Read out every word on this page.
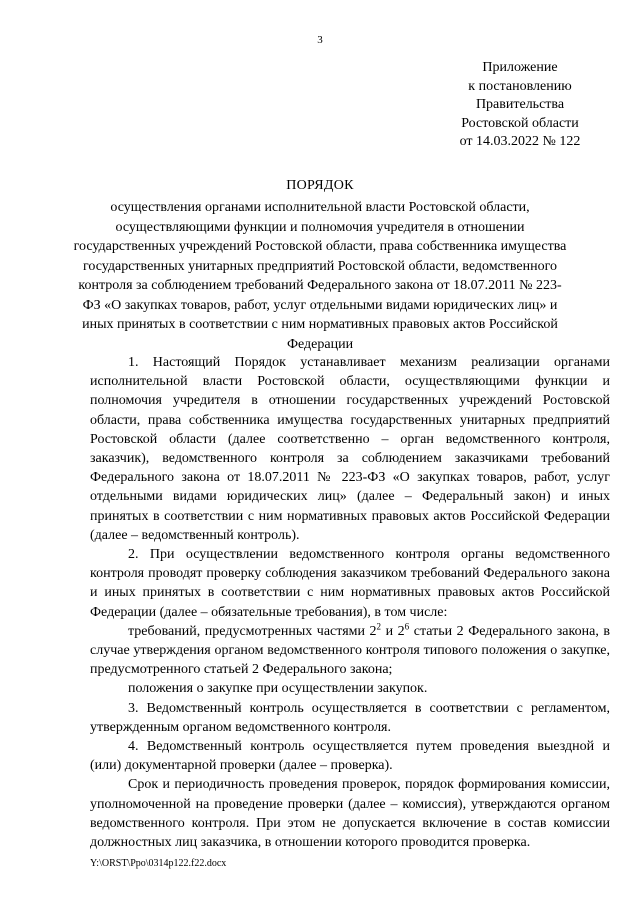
3
Приложение
к постановлению
Правительства
Ростовской области
от 14.03.2022 № 122
ПОРЯДОК
осуществления органами исполнительной власти Ростовской области, осуществляющими функции и полномочия учредителя в отношении государственных учреждений Ростовской области, права собственника имущества государственных унитарных предприятий Ростовской области, ведомственного контроля за соблюдением требований Федерального закона от 18.07.2011 № 223-ФЗ «О закупках товаров, работ, услуг отдельными видами юридических лиц» и иных принятых в соответствии с ним нормативных правовых актов Российской Федерации

1. Настоящий Порядок устанавливает механизм реализации органами исполнительной власти Ростовской области, осуществляющими функции и полномочия учредителя в отношении государственных учреждений Ростовской области, права собственника имущества государственных унитарных предприятий Ростовской области (далее соответственно – орган ведомственного контроля, заказчик), ведомственного контроля за соблюдением заказчиками требований Федерального закона от 18.07.2011 № 223-ФЗ «О закупках товаров, работ, услуг отдельными видами юридических лиц» (далее – Федеральный закон) и иных принятых в соответствии с ним нормативных правовых актов Российской Федерации (далее – ведомственный контроль).

2. При осуществлении ведомственного контроля органы ведомственного контроля проводят проверку соблюдения заказчиком требований Федерального закона и иных принятых в соответствии с ним нормативных правовых актов Российской Федерации (далее – обязательные требования), в том числе:

требований, предусмотренных частями $2^2$ и $2^6$ статьи 2 Федерального закона, в случае утверждения органом ведомственного контроля типового положения о закупке, предусмотренного статьей 2 Федерального закона;

положения о закупке при осуществлении закупок.

3. Ведомственный контроль осуществляется в соответствии с регламентом, утвержденным органом ведомственного контроля.

4. Ведомственный контроль осуществляется путем проведения выездной и (или) документарной проверки (далее – проверка).

Срок и периодичность проведения проверок, порядок формирования комиссии, уполномоченной на проведение проверки (далее – комиссия), утверждаются органом ведомственного контроля. При этом не допускается включение в состав комиссии должностных лиц заказчика, в отношении которого проводится проверка.

Y:\ORST\Ppo\0314p122.f22.docx
